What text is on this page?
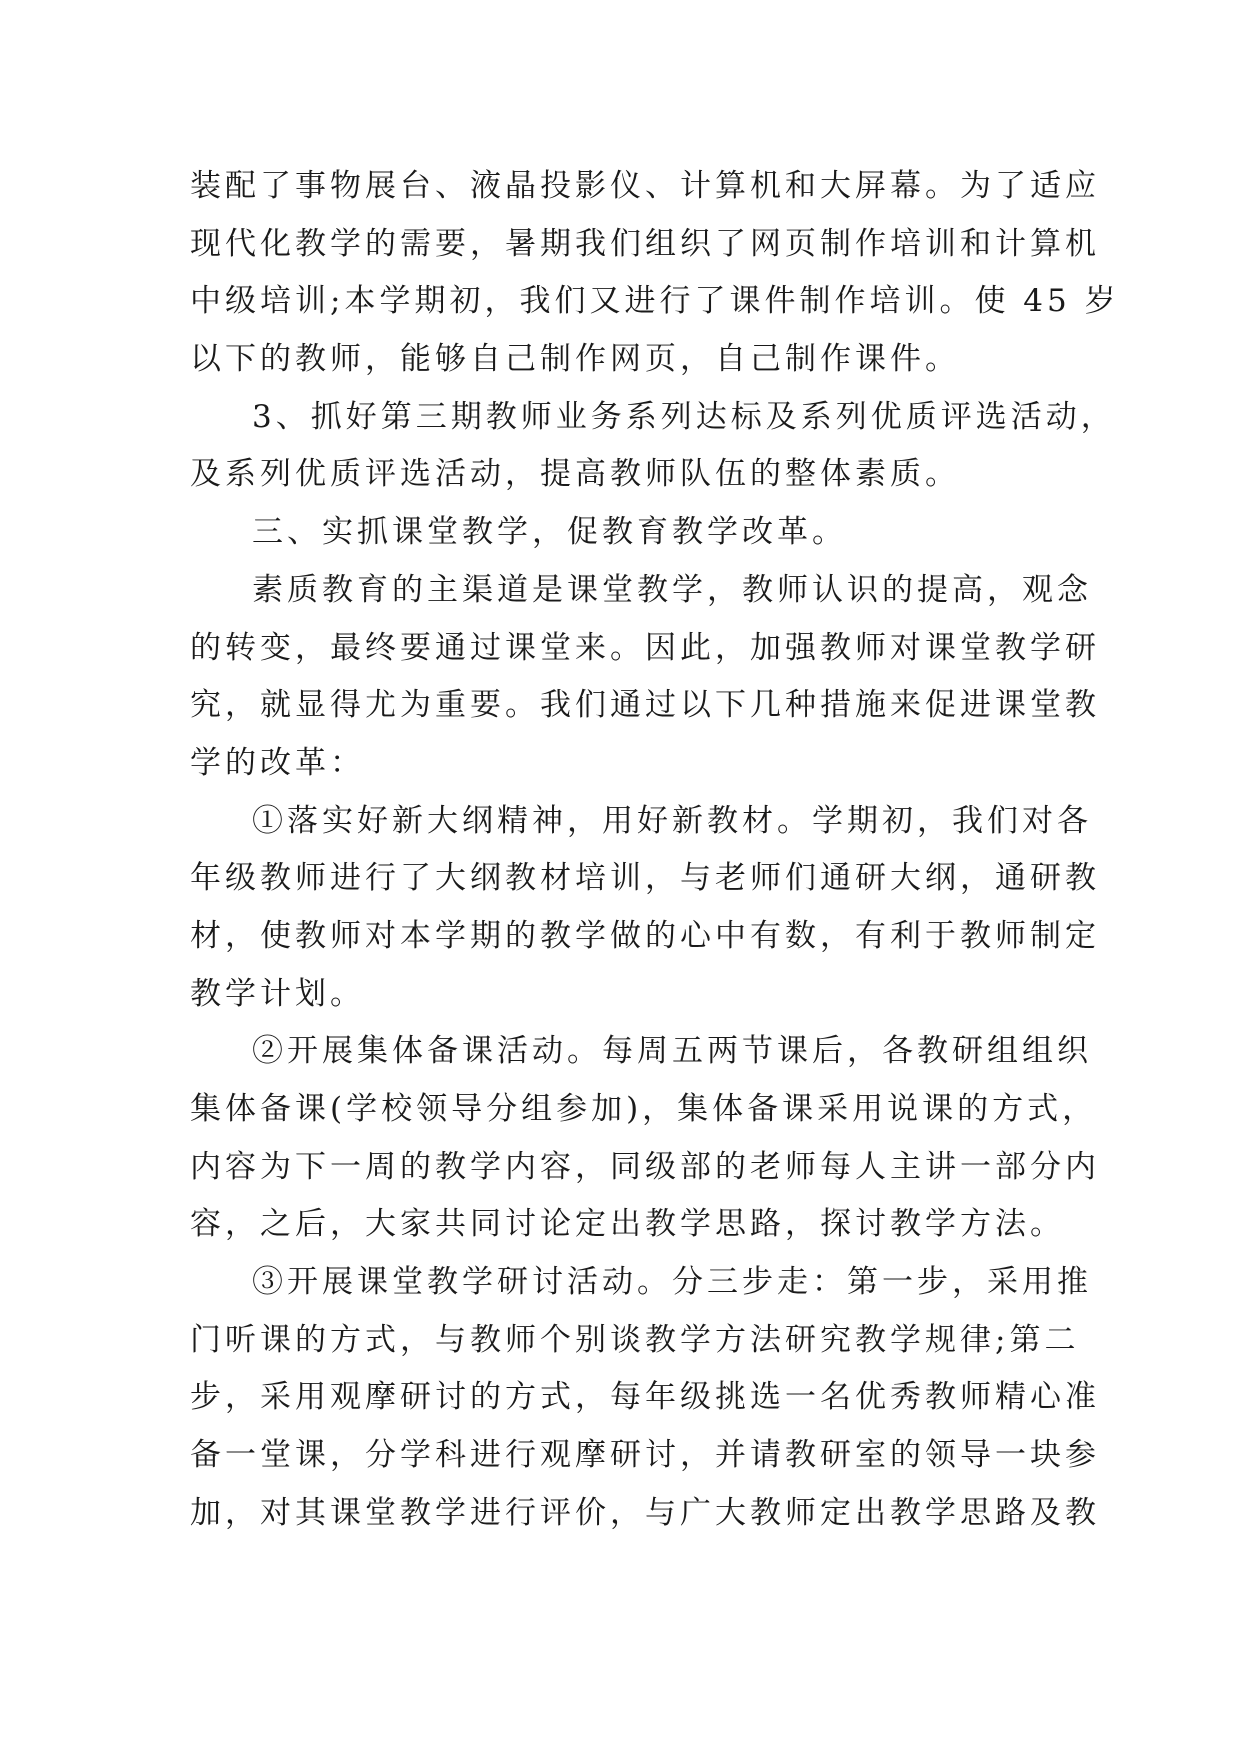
装配了事物展台、液晶投影仪、计算机和大屏幕。为了适应
现代化教学的需要，暑期我们组织了网页制作培训和计算机
中级培训;本学期初，我们又进行了课件制作培训。使 45 岁
以下的教师，能够自己制作网页，自己制作课件。
3、抓好第三期教师业务系列达标及系列优质评选活动，
及系列优质评选活动，提高教师队伍的整体素质。
三、实抓课堂教学，促教育教学改革。
素质教育的主渠道是课堂教学，教师认识的提高，观念
的转变，最终要通过课堂来。因此，加强教师对课堂教学研
究，就显得尤为重要。我们通过以下几种措施来促进课堂教
学的改革：
①落实好新大纲精神，用好新教材。学期初，我们对各
年级教师进行了大纲教材培训，与老师们通研大纲，通研教
材，使教师对本学期的教学做的心中有数，有利于教师制定
教学计划。
②开展集体备课活动。每周五两节课后，各教研组组织
集体备课(学校领导分组参加)，集体备课采用说课的方式，
内容为下一周的教学内容，同级部的老师每人主讲一部分内
容，之后，大家共同讨论定出教学思路，探讨教学方法。
③开展课堂教学研讨活动。分三步走：第一步，采用推
门听课的方式，与教师个别谈教学方法研究教学规律;第二
步，采用观摩研讨的方式，每年级挑选一名优秀教师精心准
备一堂课，分学科进行观摩研讨，并请教研室的领导一块参
加，对其课堂教学进行评价，与广大教师定出教学思路及教
